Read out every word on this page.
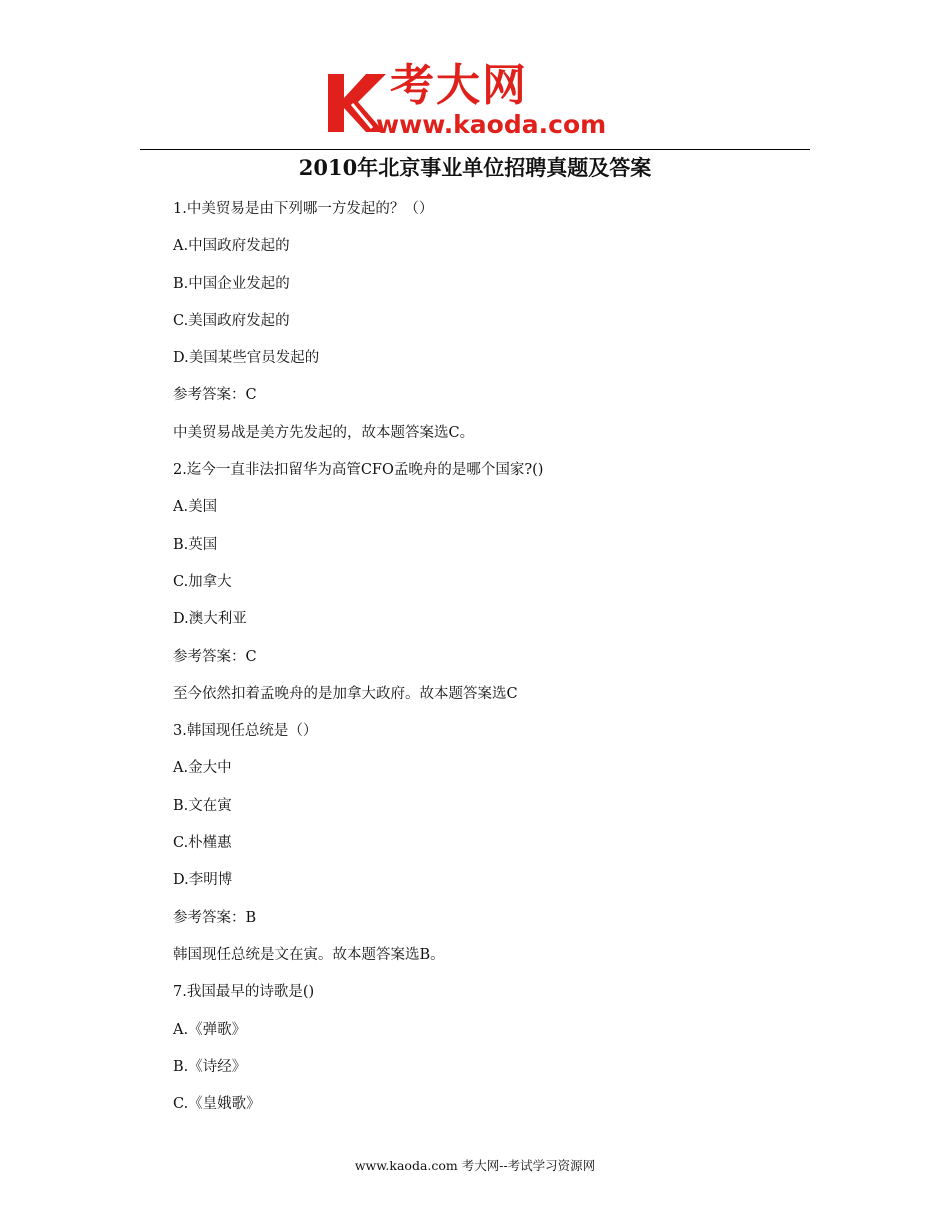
考大网
www.kaoda.com
2010年北京事业单位招聘真题及答案
1.中美贸易是由下列哪一方发起的？（）
A.中国政府发起的
B.中国企业发起的
C.美国政府发起的
D.美国某些官员发起的
参考答案：C
中美贸易战是美方先发起的，故本题答案选C。
2.迄今一直非法扣留华为高管CFO孟晚舟的是哪个国家?()
A.美国
B.英国
C.加拿大
D.澳大利亚
参考答案：C
至今依然扣着孟晚舟的是加拿大政府。故本题答案选C
3.韩国现任总统是（）
A.金大中
B.文在寅
C.朴槿惠
D.李明博
参考答案：B
韩国现任总统是文在寅。故本题答案选B。
7.我国最早的诗歌是()
A.《弹歌》
B.《诗经》
C.《皇娥歌》
www.kaoda.com 考大网--考试学习资源网
